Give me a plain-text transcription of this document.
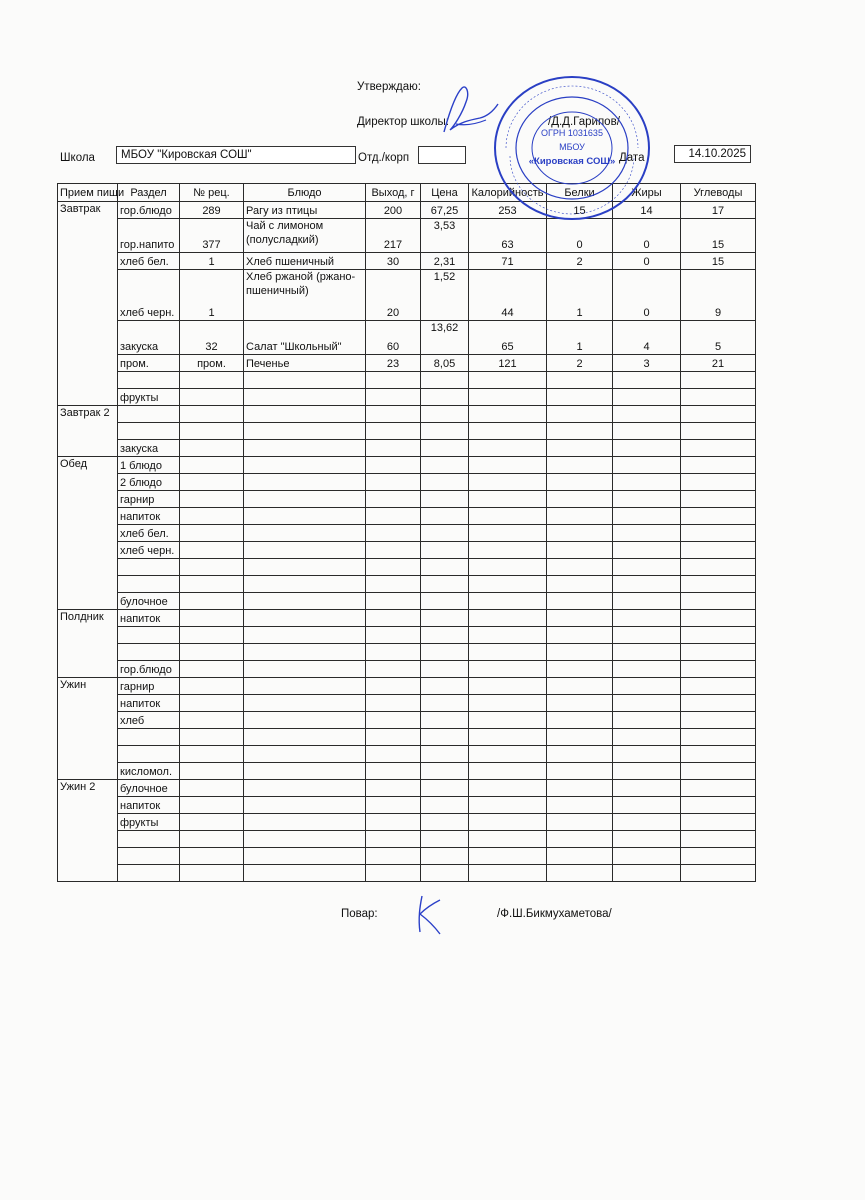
Утверждаю:
Директор школы:	/Д.Д.Гарипов/
Школа	МБОУ "Кировская СОШ"	Отд./корп	Дата	14.10.2025
Прием пищи	Раздел	№ рец.	Блюдо	Выход, г	Цена	Калорийность	Белки	Жиры	Углеводы
Завтрак	гор.блюдо	289	Рагу из птицы	200	67,25	253	15	14	17
	гор.напито	377	Чай с лимоном (полусладкий)	217	3,53	63	0	0	15
	хлеб бел.	1	Хлеб пшеничный	30	2,31	71	2	0	15
	хлеб черн.	1	Хлеб ржаной (ржано-пшеничный)	20	1,52	44	1	0	9
	закуска	32	Салат "Школьный"	60	13,62	65	1	4	5
	пром.	пром.	Печенье	23	8,05	121	2	3	21

	фрукты								
Завтрак 2									

	закуска								
Обед	1 блюдо								
	2 блюдо								
	гарнир								
	напиток								
	хлеб бел.								
	хлеб черн.								

	булочное								
Полдник	напиток								

	гор.блюдо								
Ужин	гарнир								
	напиток								
	хлеб								

	кисломол.								
Ужин 2	булочное								
	напиток								
	фрукты								

Повар:	/Ф.Ш.Бикмухаметова/
ОГРН 1031635
МБОУ
«Кировская СОШ»
